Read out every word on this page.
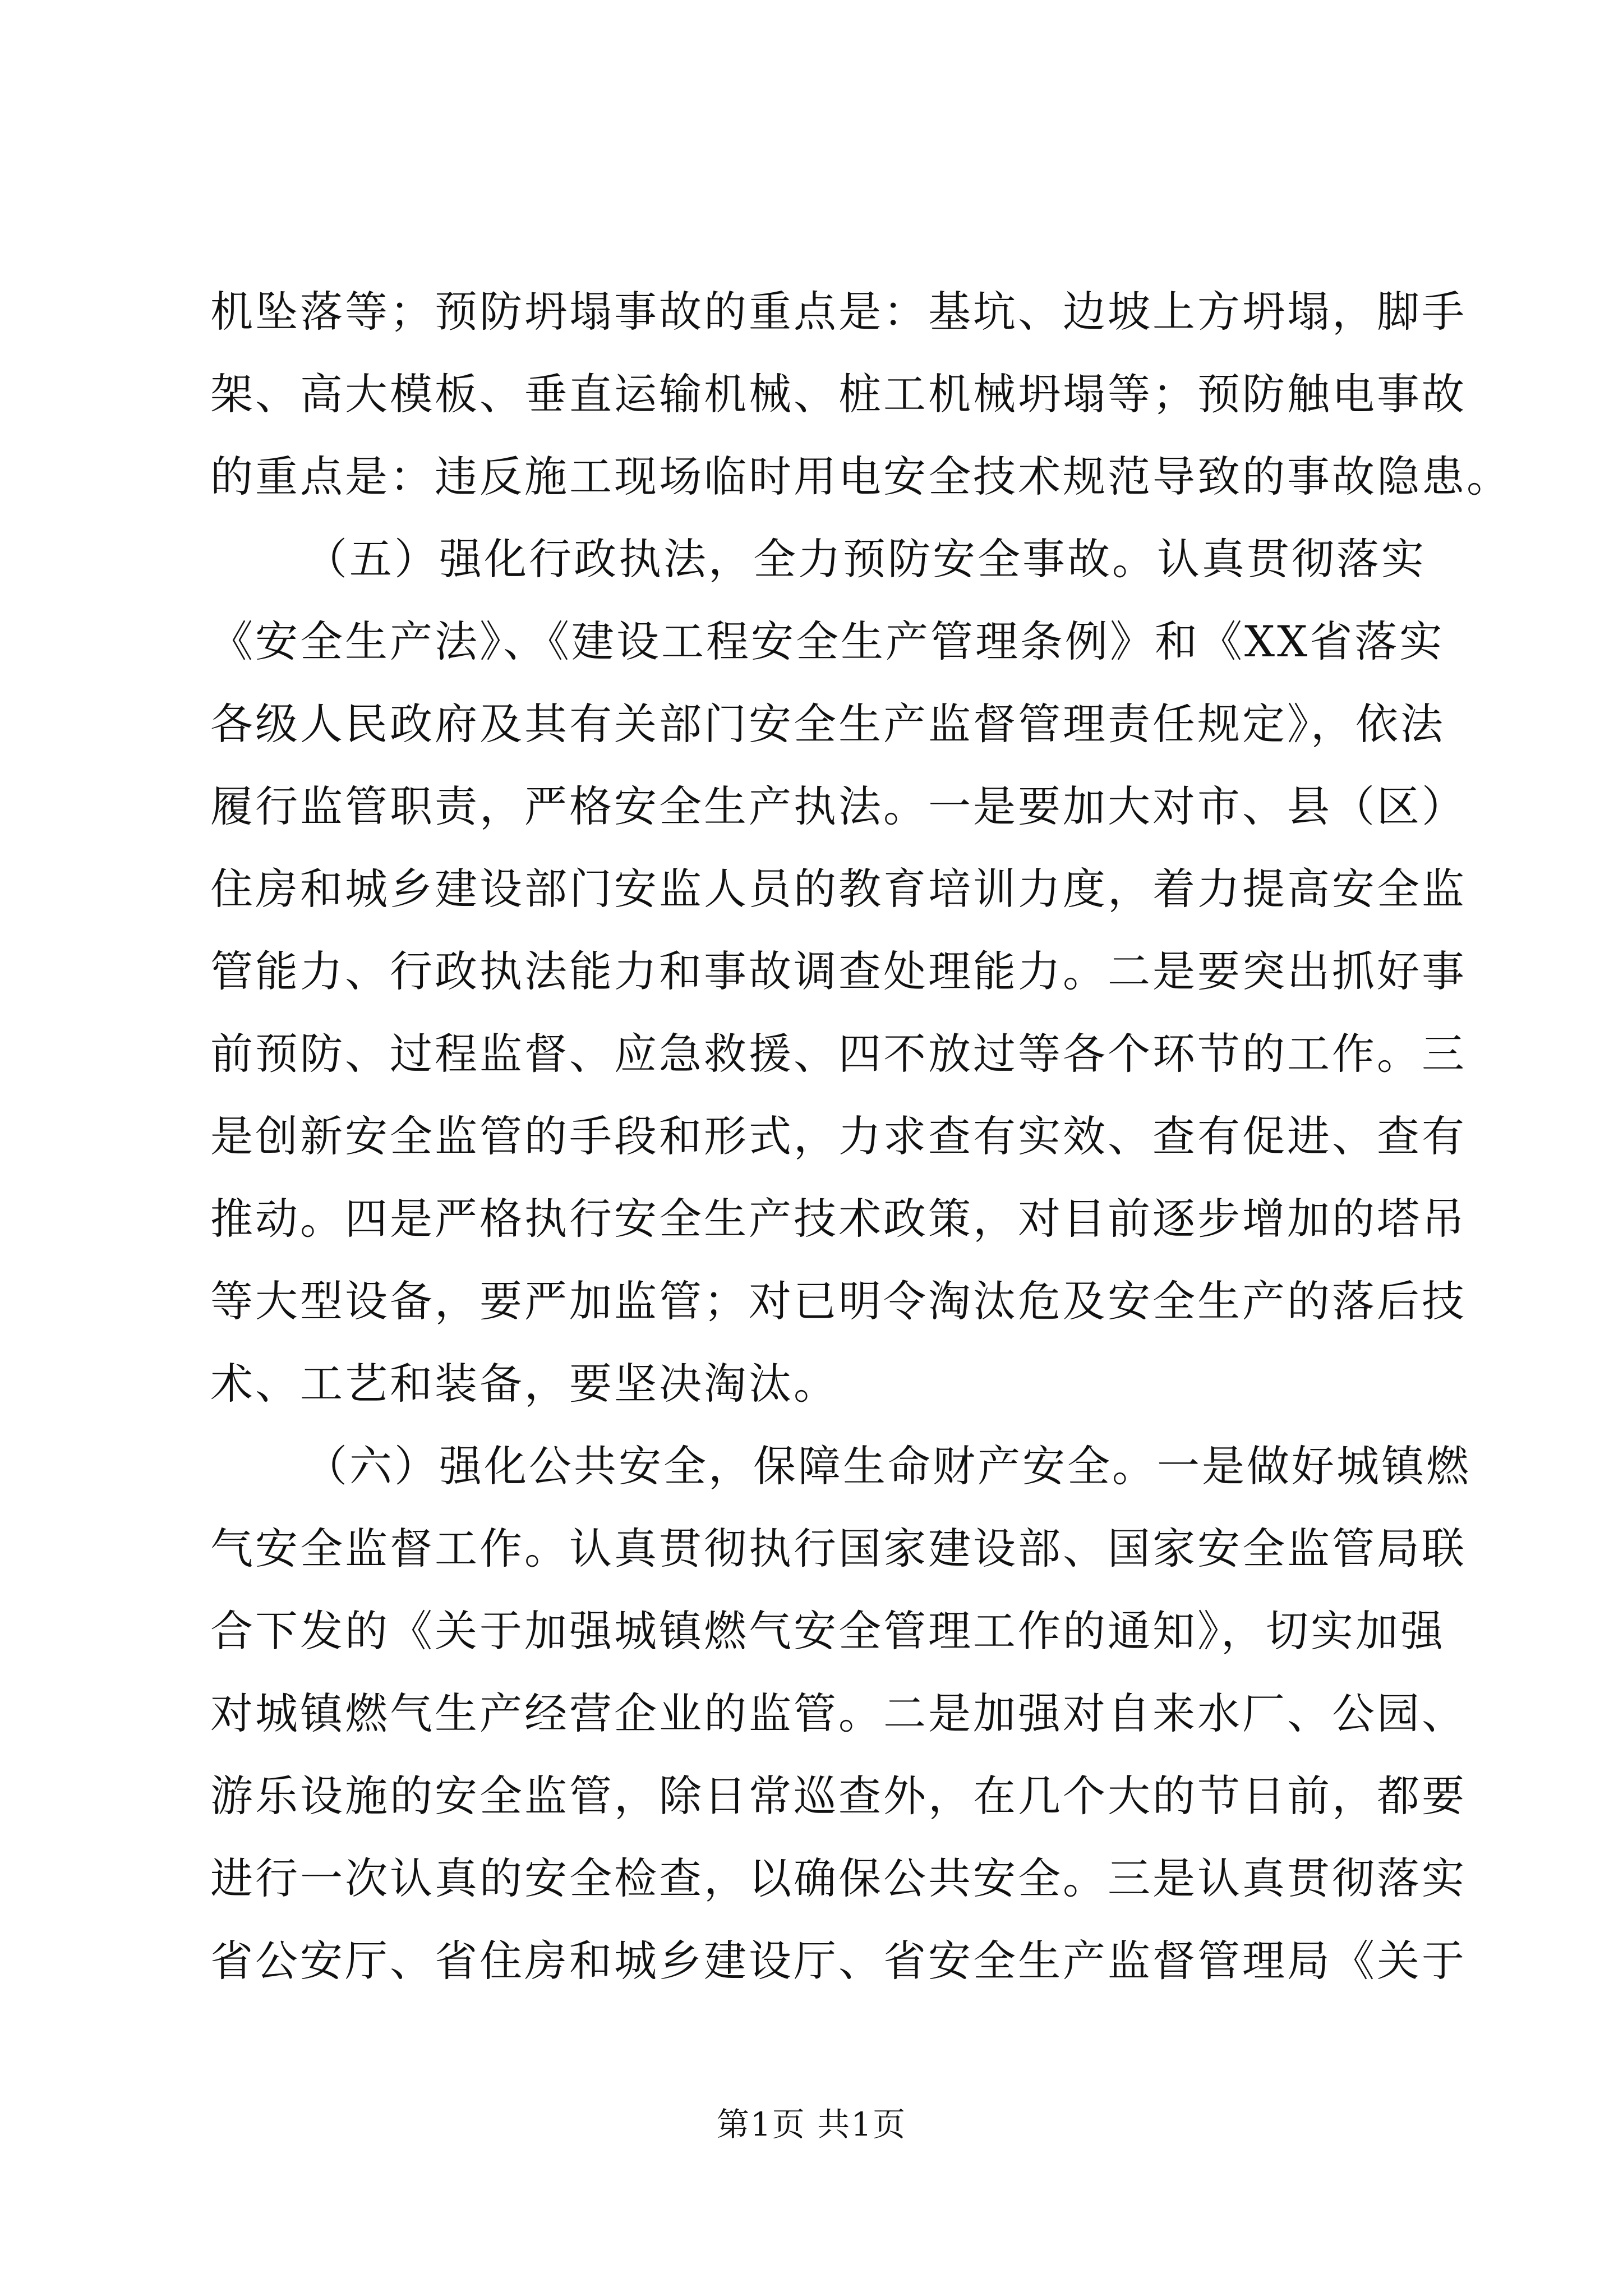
机坠落等；预防坍塌事故的重点是：基坑、边坡上方坍塌，脚手
架、高大模板、垂直运输机械、桩工机械坍塌等；预防触电事故
的重点是：违反施工现场临时用电安全技术规范导致的事故隐患。
（五）强化行政执法，全力预防安全事故。认真贯彻落实
《安全生产法》、《建设工程安全生产管理条例》和《XX省落实
各级人民政府及其有关部门安全生产监督管理责任规定》，依法
履行监管职责，严格安全生产执法。一是要加大对市、县（区）
住房和城乡建设部门安监人员的教育培训力度，着力提高安全监
管能力、行政执法能力和事故调查处理能力。二是要突出抓好事
前预防、过程监督、应急救援、四不放过等各个环节的工作。三
是创新安全监管的手段和形式，力求查有实效、查有促进、查有
推动。四是严格执行安全生产技术政策，对目前逐步增加的塔吊
等大型设备，要严加监管；对已明令淘汰危及安全生产的落后技
术、工艺和装备，要坚决淘汰。
（六）强化公共安全，保障生命财产安全。一是做好城镇燃
气安全监督工作。认真贯彻执行国家建设部、国家安全监管局联
合下发的《关于加强城镇燃气安全管理工作的通知》，切实加强
对城镇燃气生产经营企业的监管。二是加强对自来水厂、公园、
游乐设施的安全监管，除日常巡查外，在几个大的节日前，都要
进行一次认真的安全检查，以确保公共安全。三是认真贯彻落实
省公安厅、省住房和城乡建设厅、省安全生产监督管理局《关于
第1页 共1页
